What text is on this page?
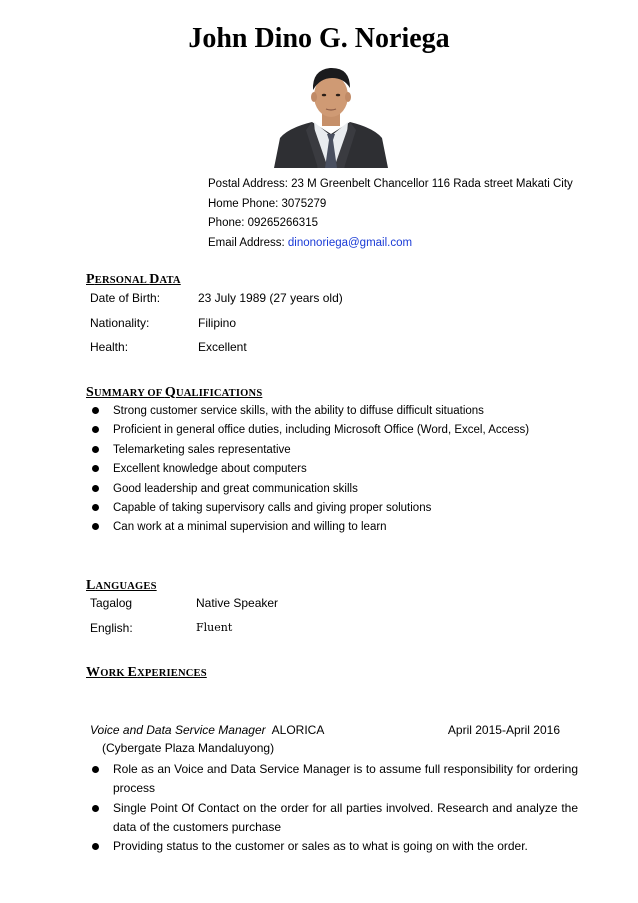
John Dino G. Noriega
Postal Address: 23 M Greenbelt Chancellor 116 Rada street Makati City
Home Phone: 3075279
Phone: 09265266315
Email Address: dinonoriega@gmail.com
PERSONAL DATA
Date of Birth:	23 July 1989 (27 years old)
Nationality:	Filipino
Health:	Excellent
SUMMARY OF QUALIFICATIONS
Strong customer service skills, with the ability to diffuse difficult situations
Proficient in general office duties, including Microsoft Office (Word, Excel, Access)
Telemarketing sales representative
Excellent knowledge about computers
Good leadership and great communication skills
Capable of taking supervisory calls and giving proper solutions
Can work at a minimal supervision and willing to learn
LANGUAGES
Tagalog	Native Speaker
English:	Fluent
WORK EXPERIENCES
Voice and Data Service Manager ALORICA	April 2015-April 2016
(Cybergate Plaza Mandaluyong)
Role as an Voice and Data Service Manager is to assume full responsibility for ordering process
Single Point Of Contact on the order for all parties involved. Research and analyze the data of the customers purchase
Providing status to the customer or sales as to what is going on with the order.
